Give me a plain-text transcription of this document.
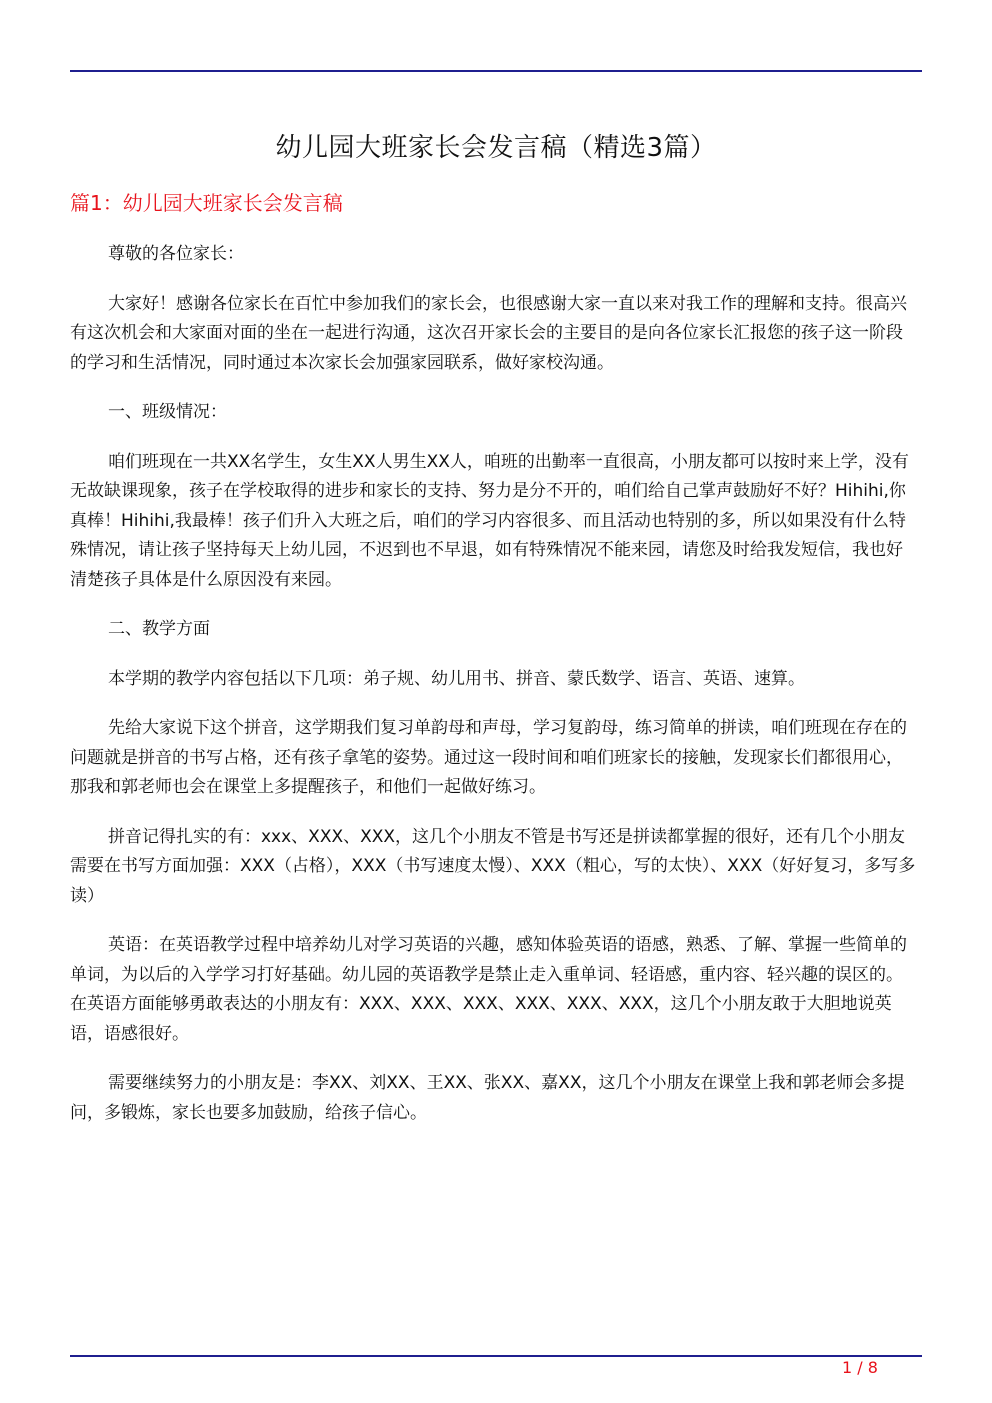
幼儿园大班家长会发言稿（精选3篇）
篇1：幼儿园大班家长会发言稿

尊敬的各位家长：

大家好！感谢各位家长在百忙中参加我们的家长会，也很感谢大家一直以来对我工作的理解和支持。很高兴有这次机会和大家面对面的坐在一起进行沟通，这次召开家长会的主要目的是向各位家长汇报您的孩子这一阶段的学习和生活情况，同时通过本次家长会加强家园联系，做好家校沟通。

一、班级情况：

咱们班现在一共XX名学生，女生XX人男生XX人，咱班的出勤率一直很高，小朋友都可以按时来上学，没有无故缺课现象，孩子在学校取得的进步和家长的支持、努力是分不开的，咱们给自己掌声鼓励好不好？Hihihi,你真棒！Hihihi,我最棒！孩子们升入大班之后，咱们的学习内容很多、而且活动也特别的多，所以如果没有什么特殊情况，请让孩子坚持每天上幼儿园，不迟到也不早退，如有特殊情况不能来园，请您及时给我发短信，我也好清楚孩子具体是什么原因没有来园。

二、教学方面

本学期的教学内容包括以下几项：弟子规、幼儿用书、拼音、蒙氏数学、语言、英语、速算。

先给大家说下这个拼音，这学期我们复习单韵母和声母，学习复韵母，练习简单的拼读，咱们班现在存在的问题就是拼音的书写占格，还有孩子拿笔的姿势。通过这一段时间和咱们班家长的接触，发现家长们都很用心，那我和郭老师也会在课堂上多提醒孩子，和他们一起做好练习。

拼音记得扎实的有：xxx、XXX、XXX，这几个小朋友不管是书写还是拼读都掌握的很好，还有几个小朋友需要在书写方面加强：XXX（占格），XXX（书写速度太慢）、XXX（粗心，写的太快）、XXX（好好复习，多写多读）

英语：在英语教学过程中培养幼儿对学习英语的兴趣，感知体验英语的语感，熟悉、了解、掌握一些简单的单词，为以后的入学学习打好基础。幼儿园的英语教学是禁止走入重单词、轻语感，重内容、轻兴趣的误区的。在英语方面能够勇敢表达的小朋友有：XXX、XXX、XXX、XXX、XXX、XXX，这几个小朋友敢于大胆地说英语，语感很好。

需要继续努力的小朋友是：李XX、刘XX、王XX、张XX、嘉XX，这几个小朋友在课堂上我和郭老师会多提问，多锻炼，家长也要多加鼓励，给孩子信心。

1 / 8
